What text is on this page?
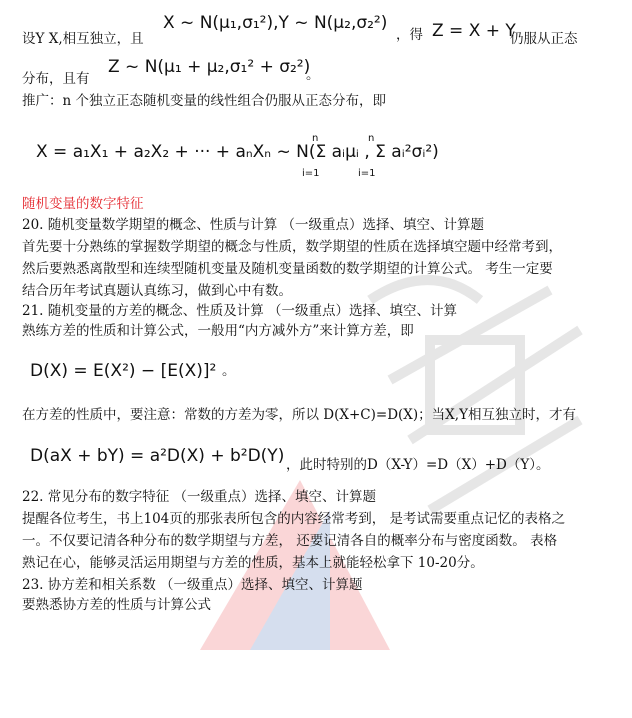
设Y X,相互独立，且
X ~ N(μ₁,σ₁²),Y ~ N(μ₂,σ₂²)
，得 Z = X + Y
仍服从正态
分布，且有
Z ~ N(μ₁ + μ₂,σ₁² + σ₂²)
。
推广：n 个独立正态随机变量的线性组合仍服从正态分布，即
n	n
X = a₁X₁ + a₂X₂ + ··· + aₙXₙ ~ N(Σ aᵢμᵢ , Σ aᵢ²σᵢ²)
i=1	i=1
随机变量的数字特征
20. 随机变量数学期望的概念、性质与计算 （一级重点）选择、填空、计算题
首先要十分熟练的掌握数学期望的概念与性质，数学期望的性质在选择填空题中经常考到，
然后要熟悉离散型和连续型随机变量及随机变量函数的数学期望的计算公式。 考生一定要
结合历年考试真题认真练习，做到心中有数。
21. 随机变量的方差的概念、性质及计算 （一级重点）选择、填空、计算
熟练方差的性质和计算公式，一般用“内方减外方”来计算方差，即
D(X) = E(X²) − [E(X)]² 。
在方差的性质中，要注意：常数的方差为零，所以 D(X+C)=D(X)；当X,Y相互独立时，才有
D(aX + bY) = a²D(X) + b²D(Y) ，此时特别的D（X-Y）=D（X）+D（Y）。
22. 常见分布的数字特征 （一级重点）选择、填空、计算题
提醒各位考生，书上104页的那张表所包含的内容经常考到， 是考试需要重点记忆的表格之
一。不仅要记清各种分布的数学期望与方差， 还要记清各自的概率分布与密度函数。 表格
熟记在心，能够灵活运用期望与方差的性质，基本上就能轻松拿下 10-20分。
23. 协方差和相关系数 （一级重点）选择、填空、计算题
要熟悉协方差的性质与计算公式
